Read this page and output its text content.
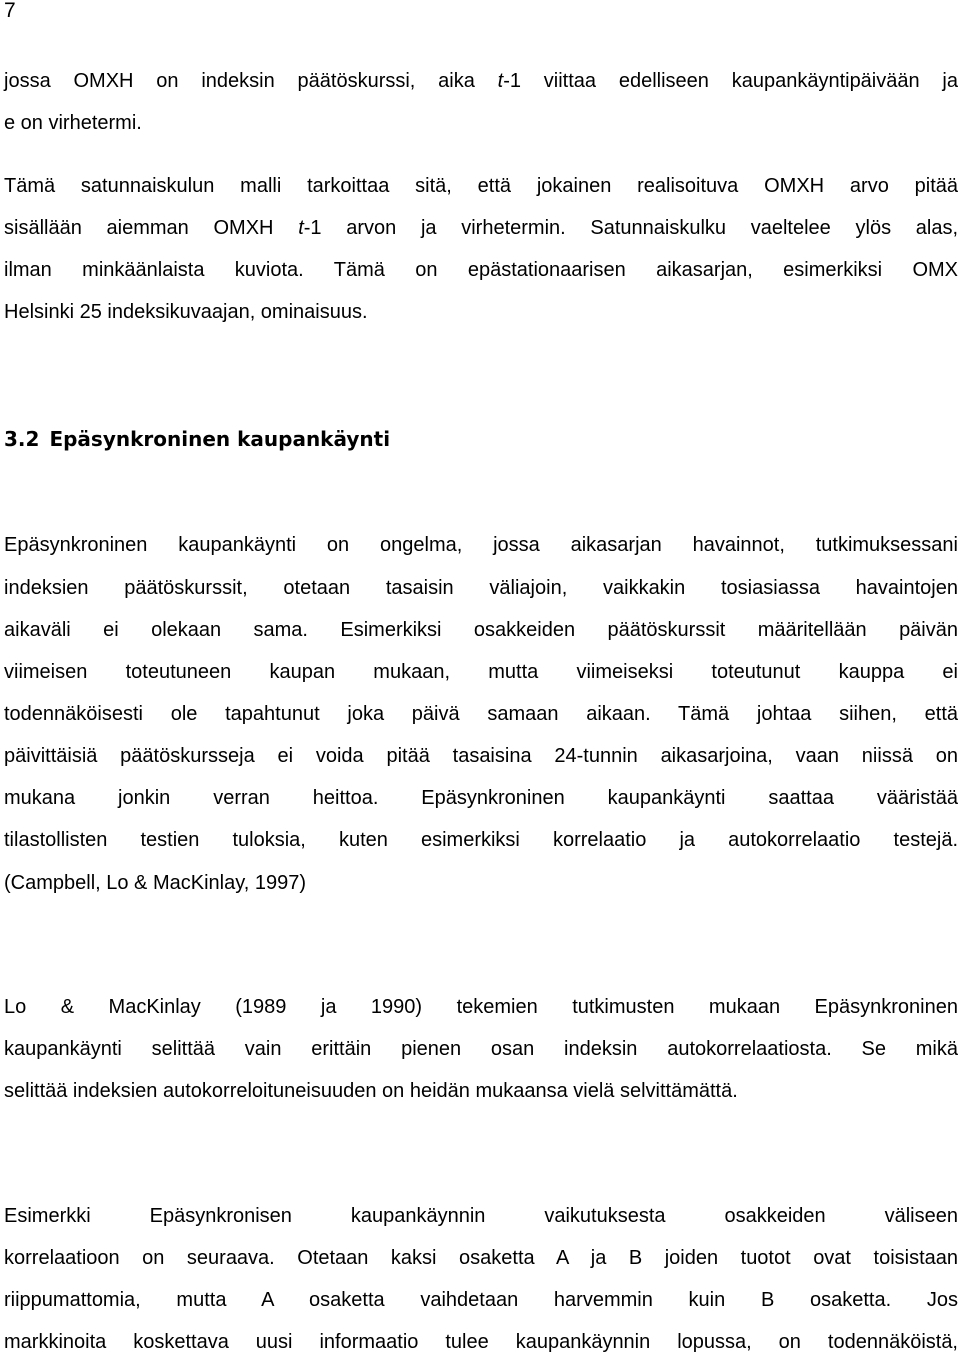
7
jossa OMXH on indeksin päätöskurssi, aika t-1 viittaa edelliseen kaupankäyntipäivään ja
e on virhetermi.
Tämä satunnaiskulun malli tarkoittaa sitä, että jokainen realisoituva OMXH arvo pitää
sisällään aiemman OMXH t-1 arvon ja virhetermin. Satunnaiskulku vaeltelee ylös alas,
ilman minkäänlaista kuviota. Tämä on epästationaarisen aikasarjan, esimerkiksi OMX
Helsinki 25 indeksikuvaajan, ominaisuus.
3.2 Epäsynkroninen kaupankäynti
Epäsynkroninen kaupankäynti on ongelma, jossa aikasarjan havainnot, tutkimuksessani
indeksien päätöskurssit, otetaan tasaisin väliajoin, vaikkakin tosiasiassa havaintojen
aikaväli ei olekaan sama. Esimerkiksi osakkeiden päätöskurssit määritellään päivän
viimeisen toteutuneen kaupan mukaan, mutta viimeiseksi toteutunut kauppa ei
todennäköisesti ole tapahtunut joka päivä samaan aikaan. Tämä johtaa siihen, että
päivittäisiä päätöskursseja ei voida pitää tasaisina 24-tunnin aikasarjoina, vaan niissä on
mukana jonkin verran heittoa. Epäsynkroninen kaupankäynti saattaa vääristää
tilastollisten testien tuloksia, kuten esimerkiksi korrelaatio ja autokorrelaatio testejä.
(Campbell, Lo & MacKinlay, 1997)
Lo & MacKinlay (1989 ja 1990) tekemien tutkimusten mukaan Epäsynkroninen
kaupankäynti selittää vain erittäin pienen osan indeksin autokorrelaatiosta. Se mikä
selittää indeksien autokorreloituneisuuden on heidän mukaansa vielä selvittämättä.
Esimerkki Epäsynkronisen kaupankäynnin vaikutuksesta osakkeiden väliseen
korrelaatioon on seuraava. Otetaan kaksi osaketta A ja B joiden tuotot ovat toisistaan
riippumattomia, mutta A osaketta vaihdetaan harvemmin kuin B osaketta. Jos
markkinoita koskettava uusi informaatio tulee kaupankäynnin lopussa, on todennäköistä,
